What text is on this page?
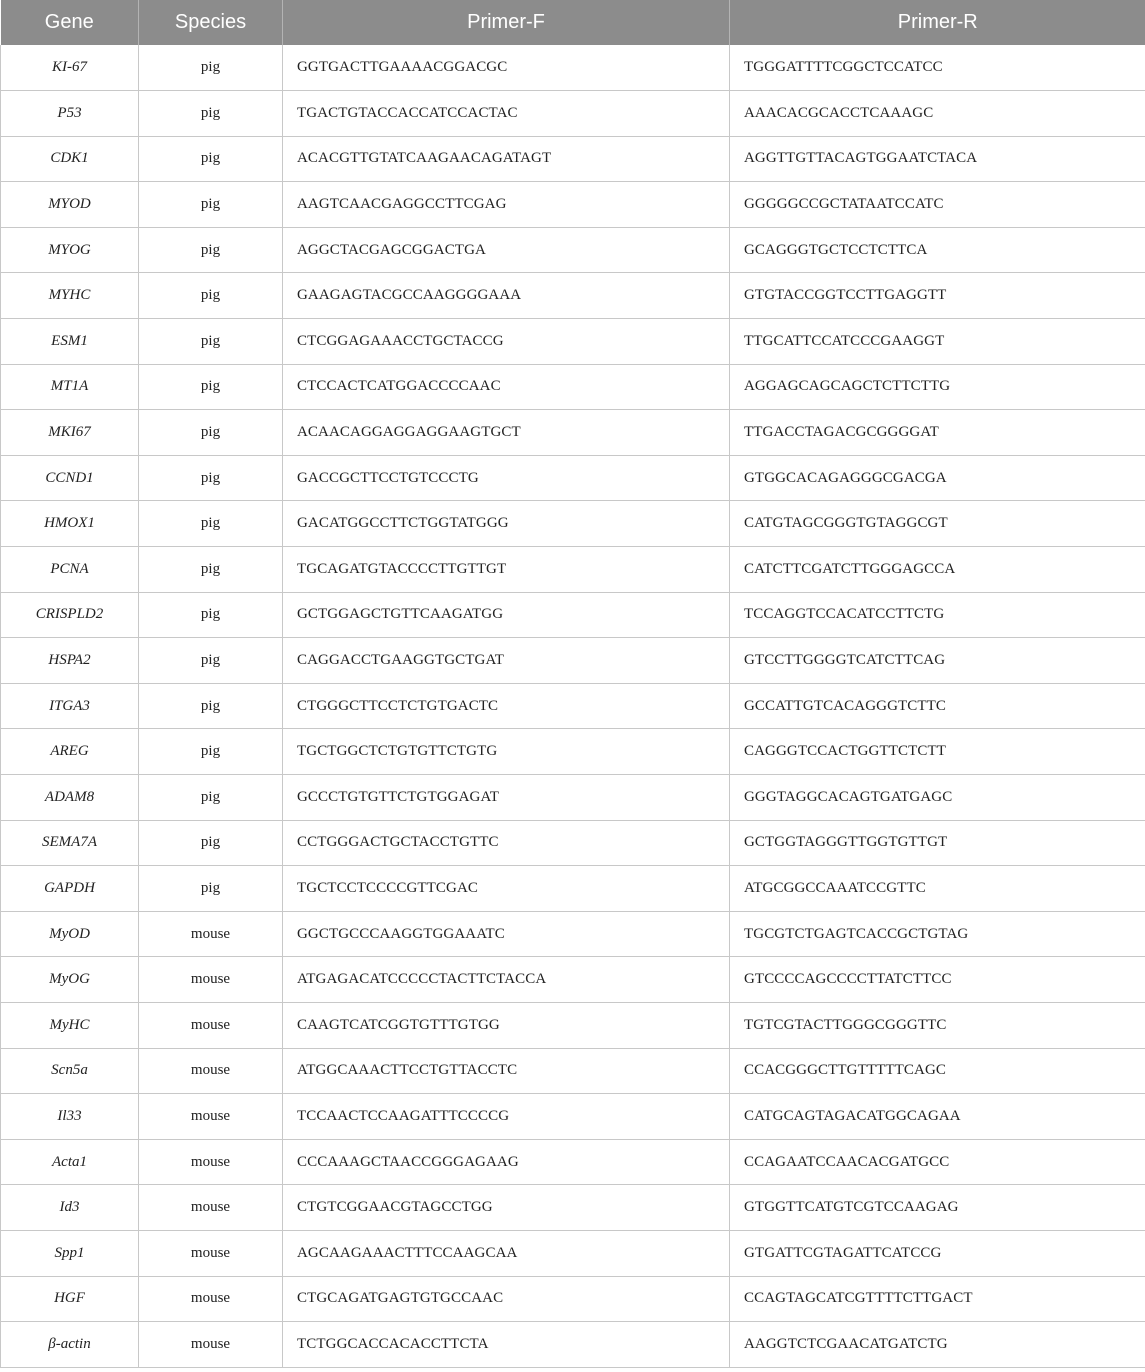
Gene	Species	Primer-F	Primer-R
KI-67	pig	GGTGACTTGAAAACGGACGC	TGGGATTTTCGGCTCCATCC
P53	pig	TGACTGTACCACCATCCACTAC	AAACACGCACCTCAAAGC
CDK1	pig	ACACGTTGTATCAAGAACAGATAGT	AGGTTGTTACAGTGGAATCTACA
MYOD	pig	AAGTCAACGAGGCCTTCGAG	GGGGGCCGCTATAATCCATC
MYOG	pig	AGGCTACGAGCGGACTGA	GCAGGGTGCTCCTCTTCA
MYHC	pig	GAAGAGTACGCCAAGGGGAAA	GTGTACCGGTCCTTGAGGTT
ESM1	pig	CTCGGAGAAACCTGCTACCG	TTGCATTCCATCCCGAAGGT
MT1A	pig	CTCCACTCATGGACCCCAAC	AGGAGCAGCAGCTCTTCTTG
MKI67	pig	ACAACAGGAGGAGGAAGTGCT	TTGACCTAGACGCGGGGAT
CCND1	pig	GACCGCTTCCTGTCCCTG	GTGGCACAGAGGGCGACGA
HMOX1	pig	GACATGGCCTTCTGGTATGGG	CATGTAGCGGGTGTAGGCGT
PCNA	pig	TGCAGATGTACCCCTTGTTGT	CATCTTCGATCTTGGGAGCCA
CRISPLD2	pig	GCTGGAGCTGTTCAAGATGG	TCCAGGTCCACATCCTTCTG
HSPA2	pig	CAGGACCTGAAGGTGCTGAT	GTCCTTGGGGTCATCTTCAG
ITGA3	pig	CTGGGCTTCCTCTGTGACTC	GCCATTGTCACAGGGTCTTC
AREG	pig	TGCTGGCTCTGTGTTCTGTG	CAGGGTCCACTGGTTCTCTT
ADAM8	pig	GCCCTGTGTTCTGTGGAGAT	GGGTAGGCACAGTGATGAGC
SEMA7A	pig	CCTGGGACTGCTACCTGTTC	GCTGGTAGGGTTGGTGTTGT
GAPDH	pig	TGCTCCTCCCCGTTCGAC	ATGCGGCCAAATCCGTTC
MyOD	mouse	GGCTGCCCAAGGTGGAAATC	TGCGTCTGAGTCACCGCTGTAG
MyOG	mouse	ATGAGACATCCCCCTACTTCTACCA	GTCCCCAGCCCCTTATCTTCC
MyHC	mouse	CAAGTCATCGGTGTTTGTGG	TGTCGTACTTGGGCGGGTTC
Scn5a	mouse	ATGGCAAACTTCCTGTTACCTC	CCACGGGCTTGTTTTTCAGC
Il33	mouse	TCCAACTCCAAGATTTCCCCG	CATGCAGTAGACATGGCAGAA
Acta1	mouse	CCCAAAGCTAACCGGGAGAAG	CCAGAATCCAACACGATGCC
Id3	mouse	CTGTCGGAACGTAGCCTGG	GTGGTTCATGTCGTCCAAGAG
Spp1	mouse	AGCAAGAAACTTTCCAAGCAA	GTGATTCGTAGATTCATCCG
HGF	mouse	CTGCAGATGAGTGTGCCAAC	CCAGTAGCATCGTTTTCTTGACT
β-actin	mouse	TCTGGCACCACACCTTCTA	AAGGTCTCGAACATGATCTG
